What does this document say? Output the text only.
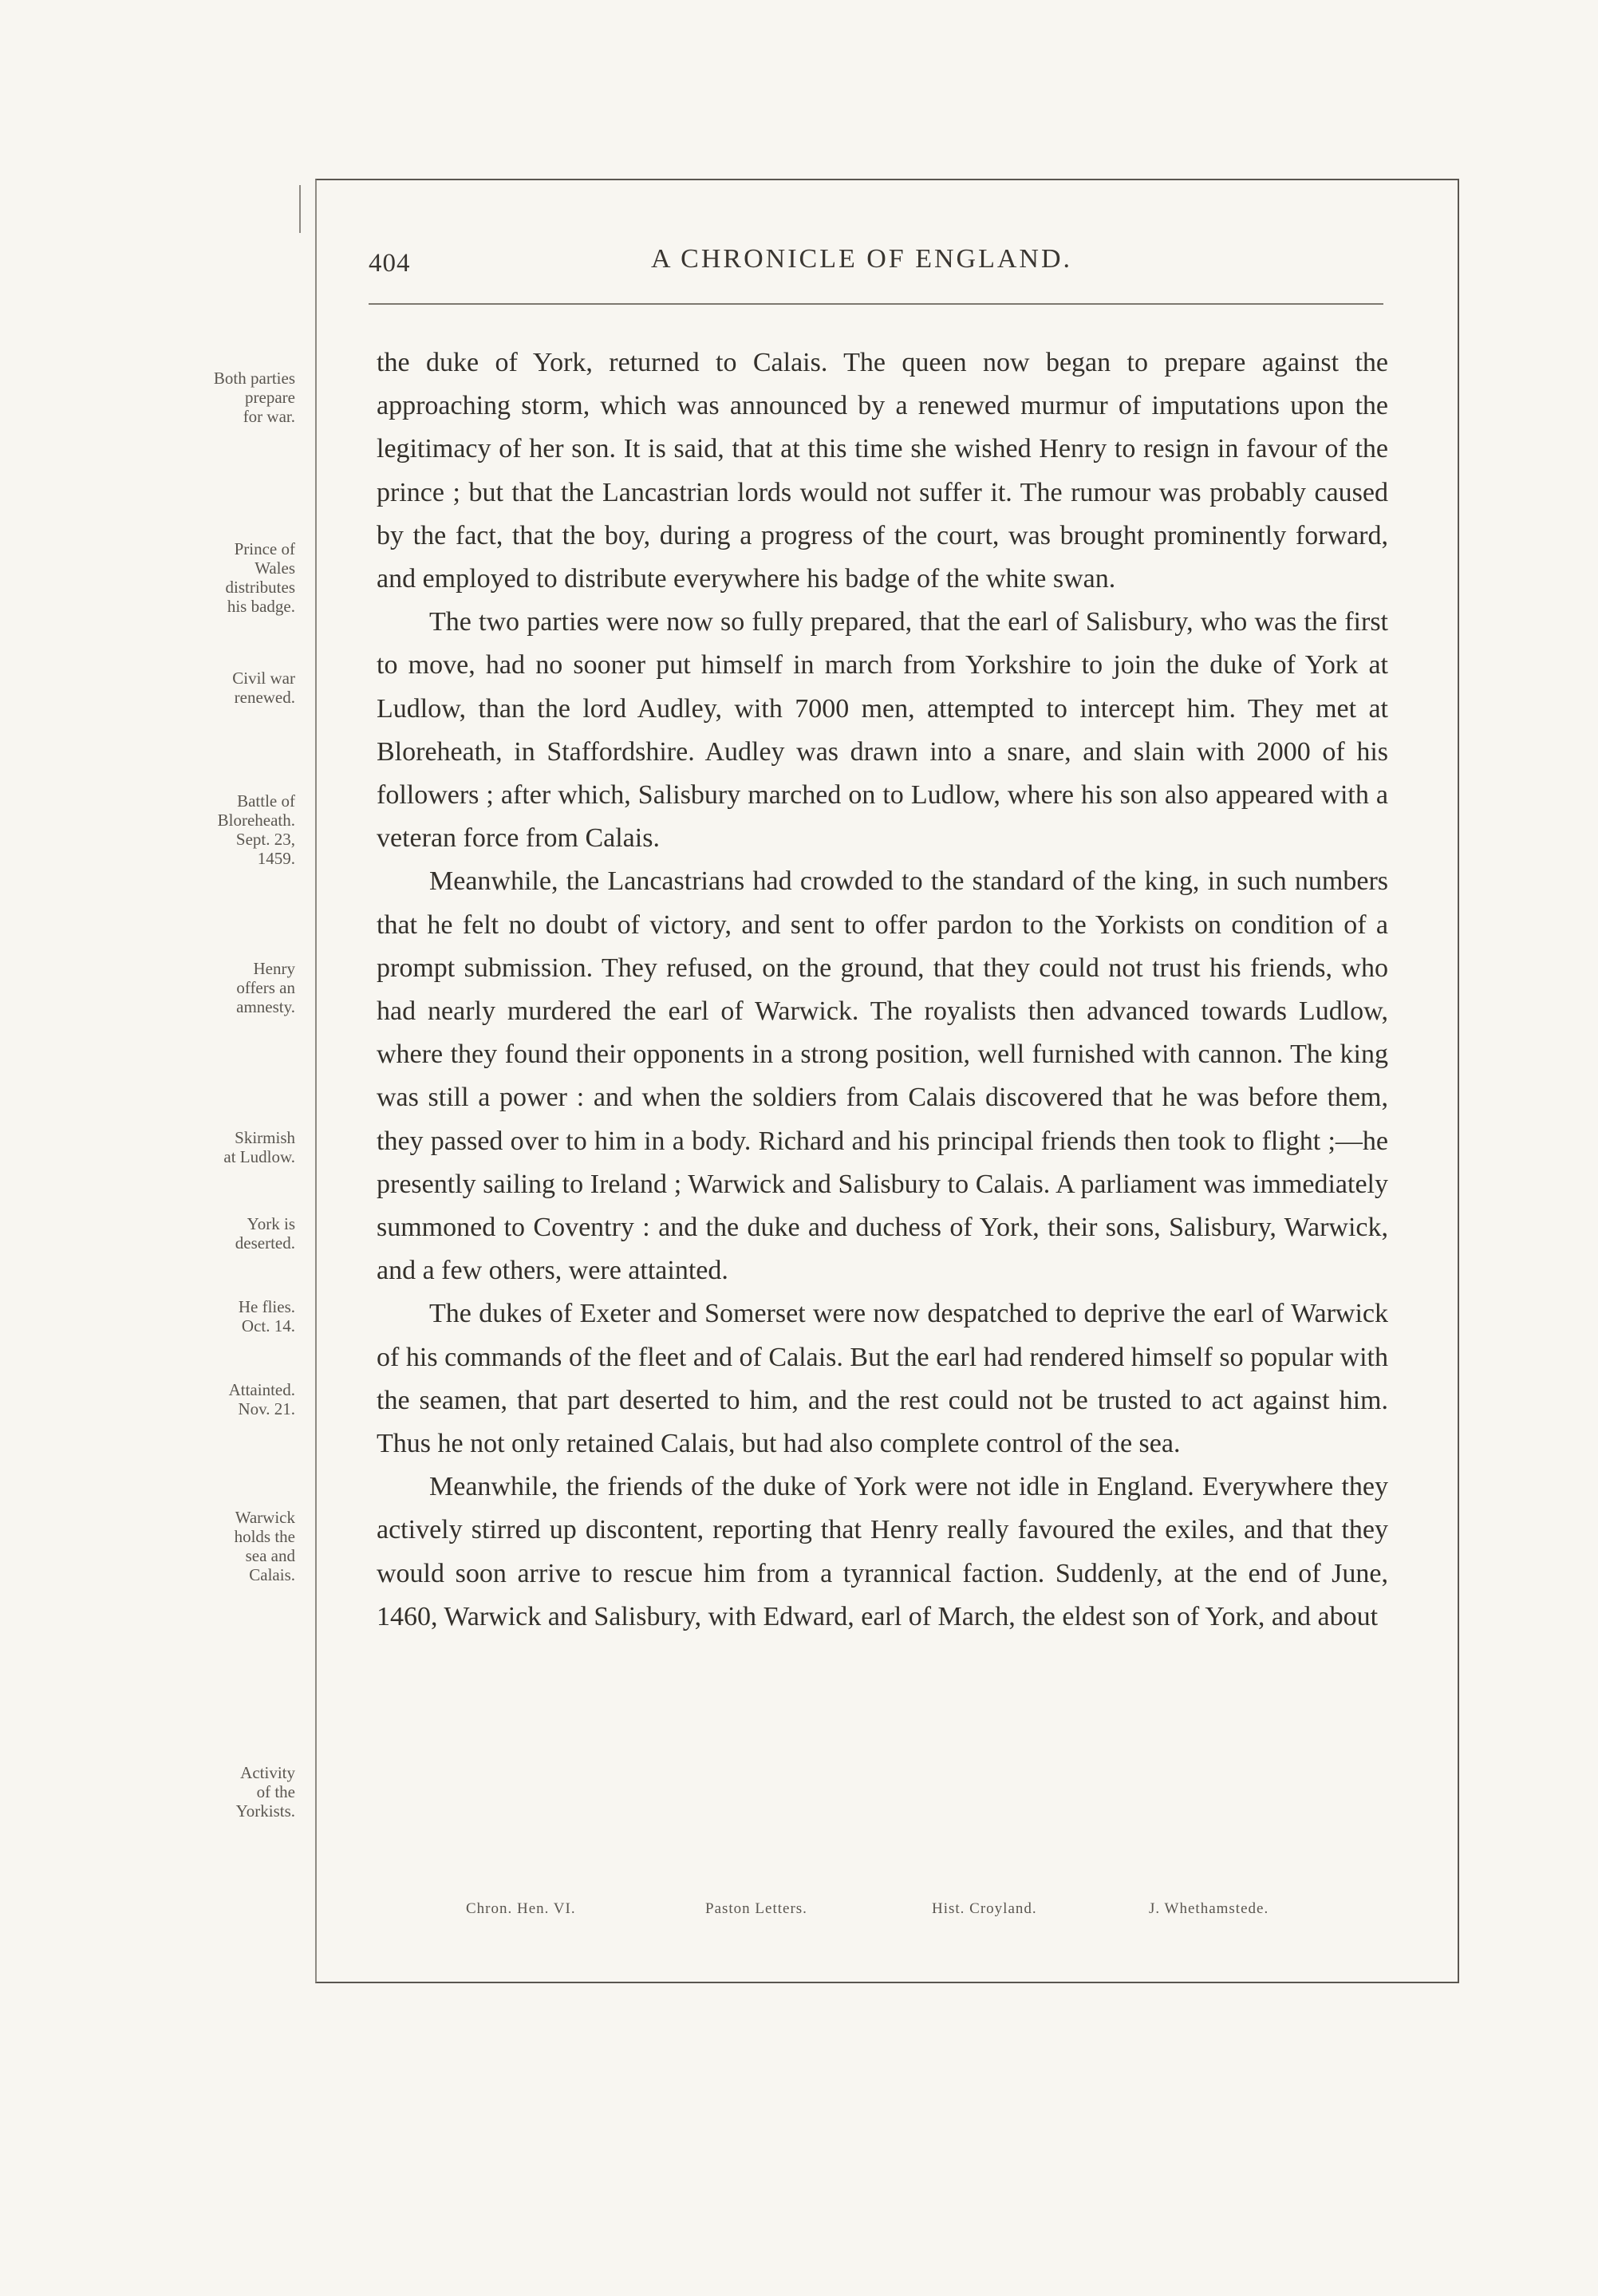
404	A CHRONICLE OF ENGLAND.
Both parties
prepare
for war.
Prince of
Wales
distributes
his badge.
Civil war
renewed.
Battle of
Bloreheath.
Sept. 23,
1459.
Henry
offers an
amnesty.
Skirmish
at Ludlow.
York is
deserted.
He flies.
Oct. 14.
Attainted.
Nov. 21.
Warwick
holds the
sea and
Calais.
Activity
of the
Yorkists.

the duke of York, returned to Calais. The queen now began to prepare against the approaching storm, which was announced by a renewed murmur of imputations upon the legitimacy of her son. It is said, that at this time she wished Henry to resign in favour of the prince ; but that the Lancastrian lords would not suffer it. The rumour was probably caused by the fact, that the boy, during a progress of the court, was brought prominently forward, and employed to distribute everywhere his badge of the white swan.

The two parties were now so fully prepared, that the earl of Salisbury, who was the first to move, had no sooner put himself in march from Yorkshire to join the duke of York at Ludlow, than the lord Audley, with 7000 men, attempted to intercept him. They met at Bloreheath, in Staffordshire. Audley was drawn into a snare, and slain with 2000 of his followers ; after which, Salisbury marched on to Ludlow, where his son also appeared with a veteran force from Calais.

Meanwhile, the Lancastrians had crowded to the standard of the king, in such numbers that he felt no doubt of victory, and sent to offer pardon to the Yorkists on condition of a prompt submission. They refused, on the ground, that they could not trust his friends, who had nearly murdered the earl of Warwick. The royalists then advanced towards Ludlow, where they found their opponents in a strong position, well furnished with cannon. The king was still a power : and when the soldiers from Calais discovered that he was before them, they passed over to him in a body. Richard and his principal friends then took to flight ;—he presently sailing to Ireland ; Warwick and Salisbury to Calais. A parliament was immediately summoned to Coventry : and the duke and duchess of York, their sons, Salisbury, Warwick, and a few others, were attainted.

The dukes of Exeter and Somerset were now despatched to deprive the earl of Warwick of his commands of the fleet and of Calais. But the earl had rendered himself so popular with the seamen, that part deserted to him, and the rest could not be trusted to act against him. Thus he not only retained Calais, but had also complete control of the sea.

Meanwhile, the friends of the duke of York were not idle in England. Everywhere they actively stirred up discontent, reporting that Henry really favoured the exiles, and that they would soon arrive to rescue him from a tyrannical faction. Suddenly, at the end of June, 1460, Warwick and Salisbury, with Edward, earl of March, the eldest son of York, and about

Chron. Hen. VI.	Paston Letters.	Hist. Croyland.	J. Whethamstede.
